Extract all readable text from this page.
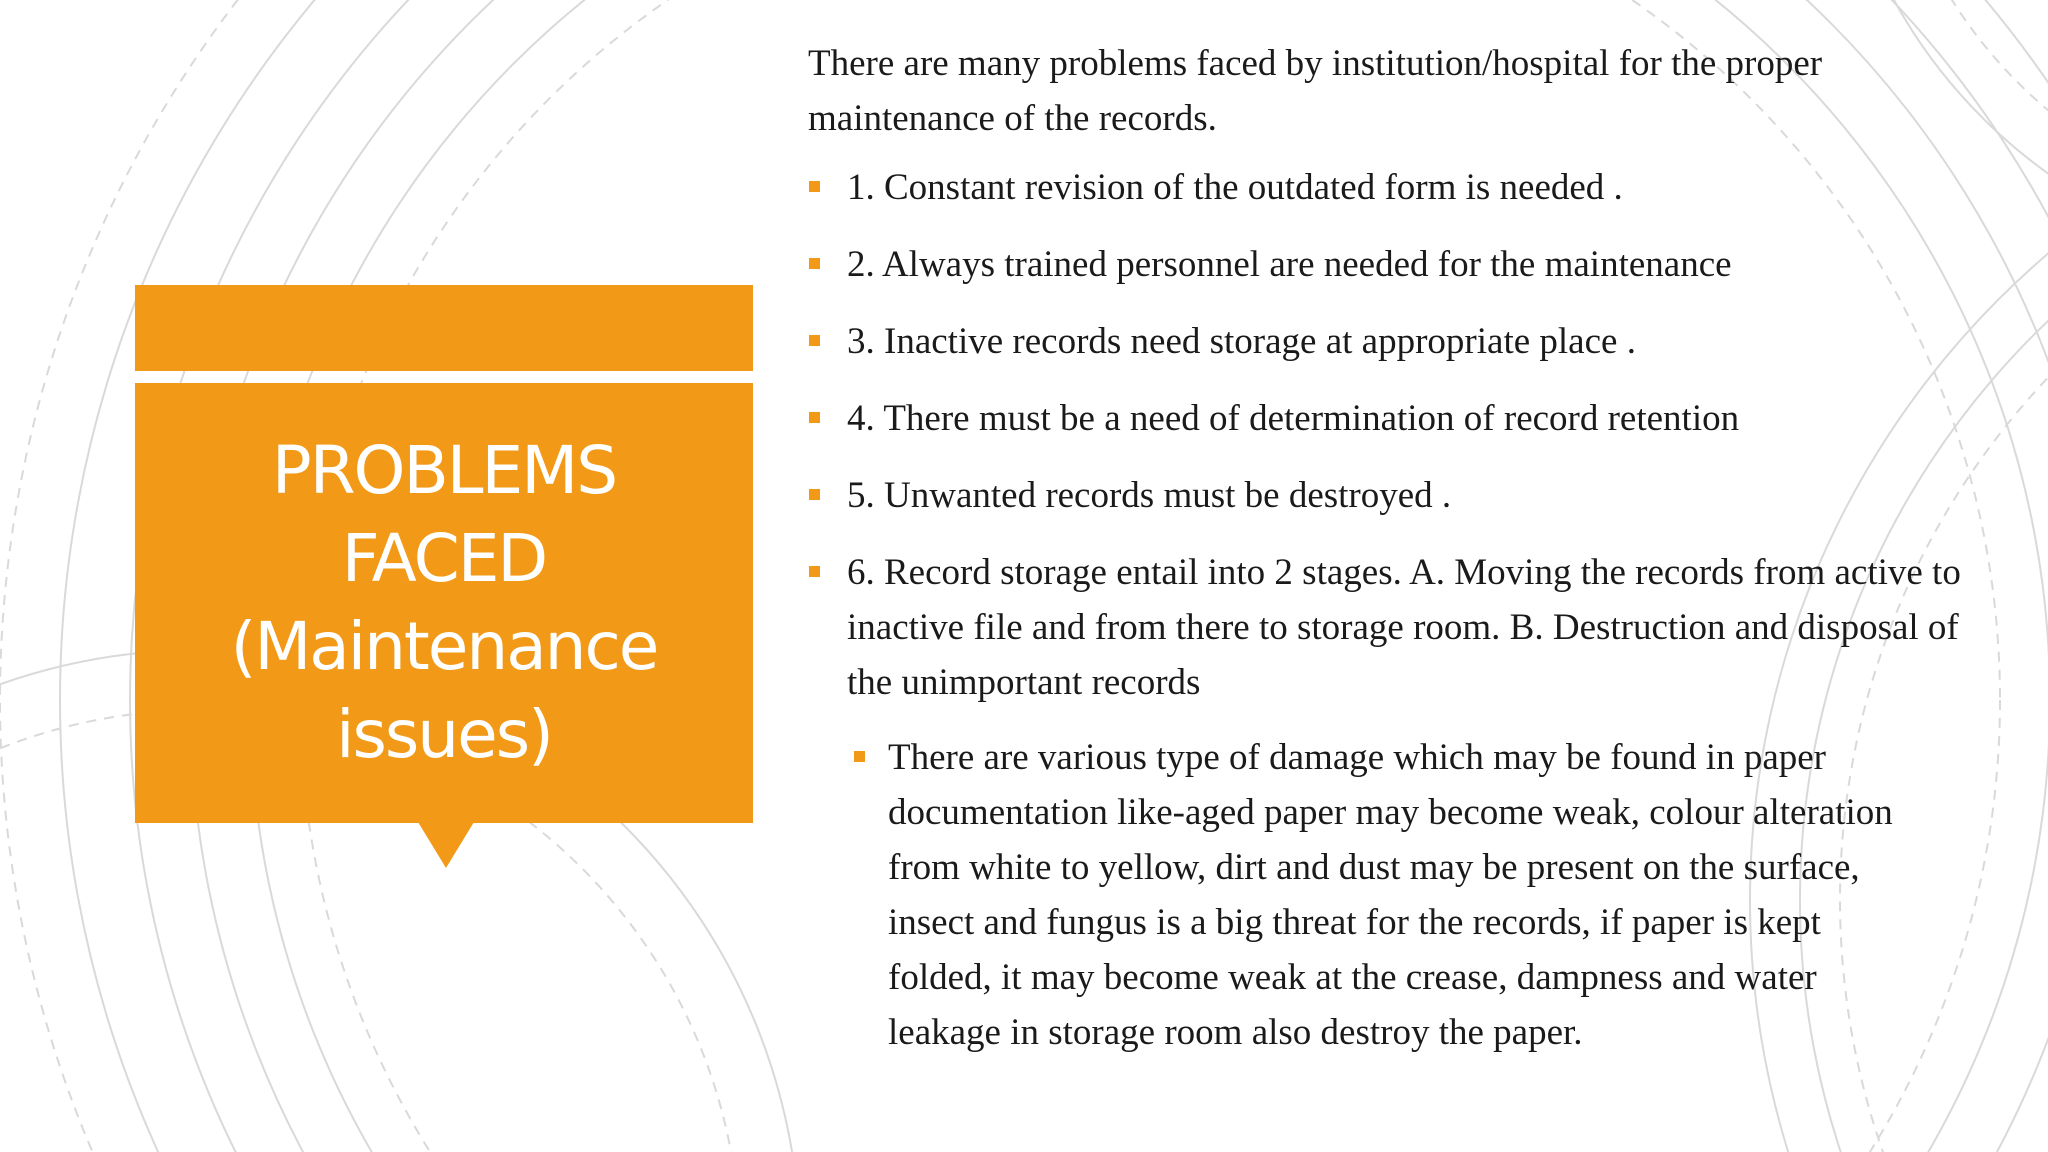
PROBLEMS
FACED
(Maintenance
issues)

There are many problems faced by institution/hospital for the proper maintenance of the records.

1. Constant revision of the outdated form is needed .
2. Always trained personnel are needed for the maintenance
3. Inactive records need storage at appropriate place .
4. There must be a need of determination of record retention
5. Unwanted records must be destroyed .
6. Record storage entail into 2 stages. A. Moving the records from active to inactive file and from there to storage room. B. Destruction and disposal of the unimportant records
There are various type of damage which may be found in paper documentation like-aged paper may become weak, colour alteration from white to yellow, dirt and dust may be present on the surface, insect and fungus is a big threat for the records, if paper is kept folded, it may become weak at the crease, dampness and water leakage in storage room also destroy the paper.
